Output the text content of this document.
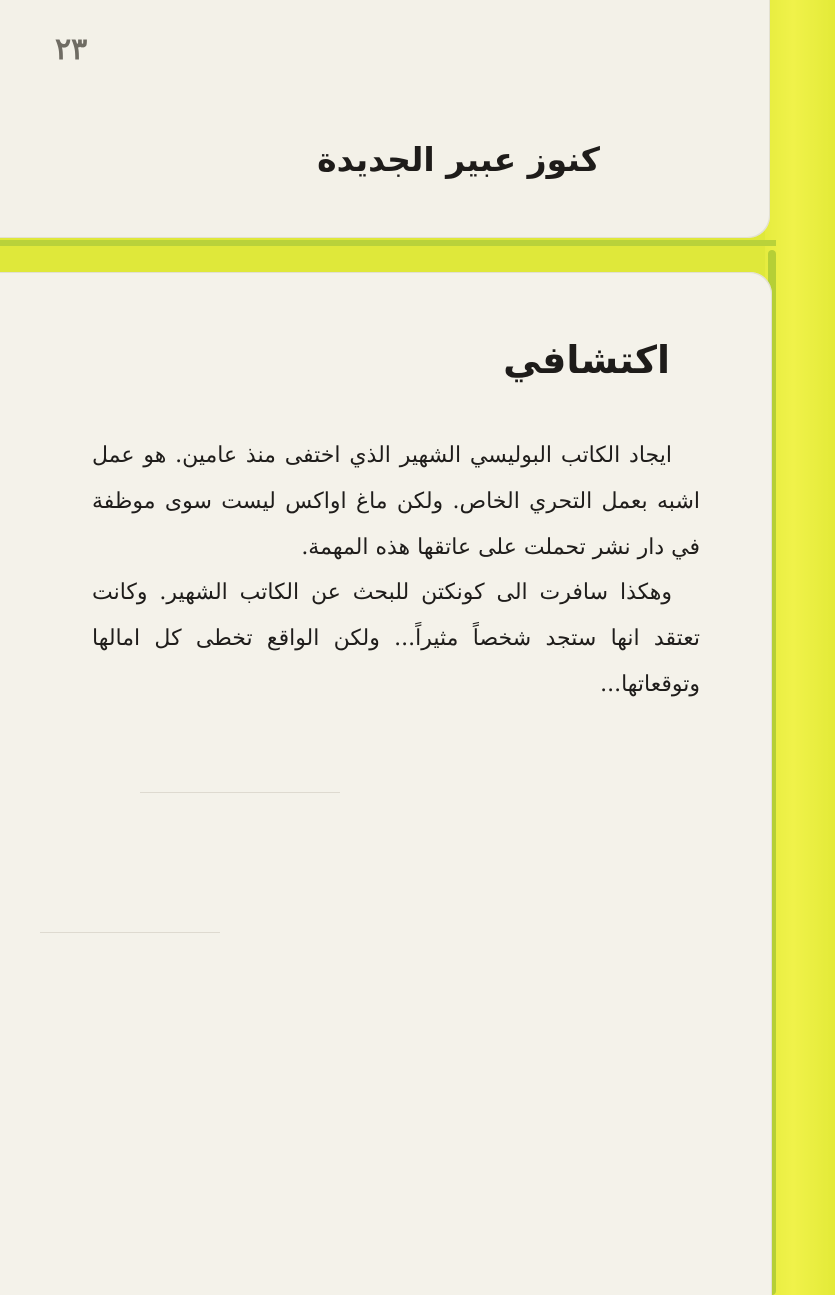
٢٣
كنوز عبير الجديدة
اكتشافي

ايجاد الكاتب البوليسي الشهير الذي اختفى منذ عامين. هو عمل اشبه بعمل التحري الخاص. ولكن ماغ اواكس ليست سوى موظفة في دار نشر تحملت على عاتقها هذه المهمة.

وهكذا سافرت الى كونكتن للبحث عن الكاتب الشهير. وكانت تعتقد انها ستجد شخصاً مثيراً... ولكن الواقع تخطى كل امالها وتوقعاتها...
